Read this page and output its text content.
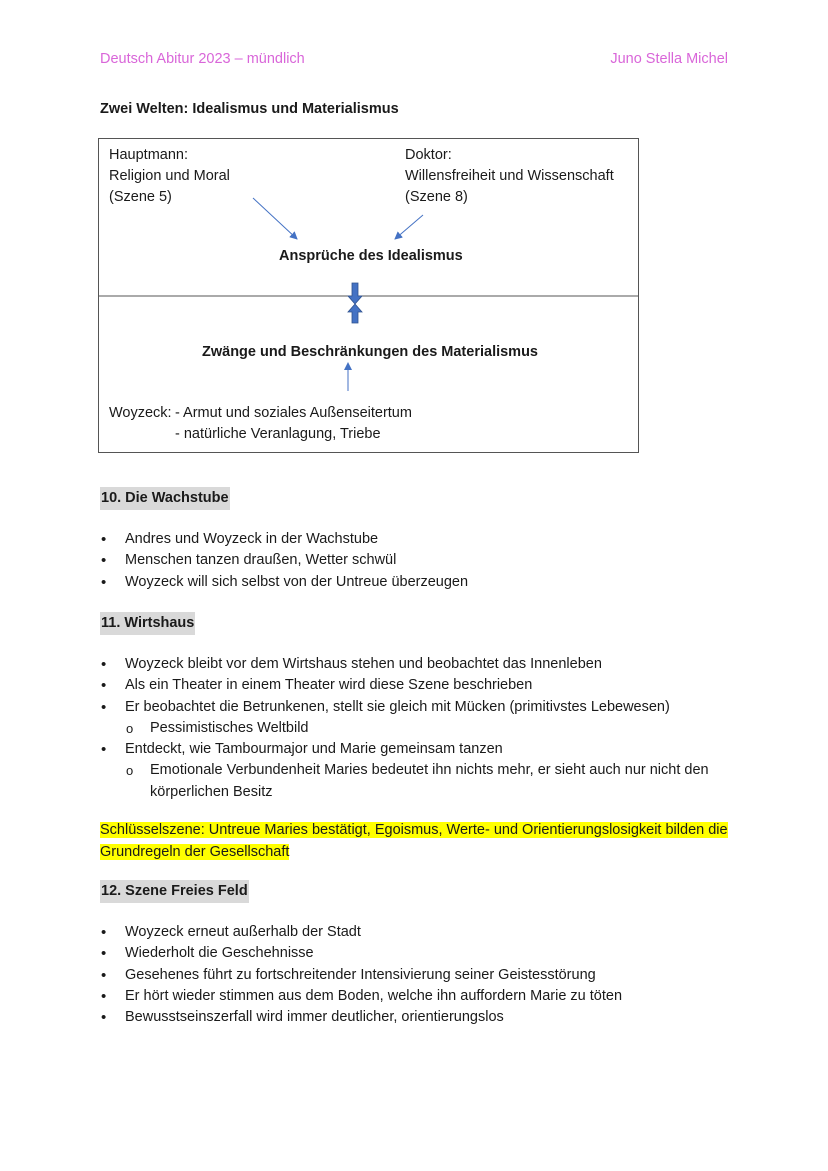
Deutsch Abitur 2023 – mündlich	Juno Stella Michel
Zwei Welten: Idealismus und Materialismus
Hauptmann:
Religion und Moral
(Szene 5)
Doktor:
Willensfreiheit und Wissenschaft
(Szene 8)
Ansprüche des Idealismus
Zwänge und Beschränkungen des Materialismus
Woyzeck: - Armut und soziales Außenseitertum
- natürliche Veranlagung, Triebe
10. Die Wachstube
• Andres und Woyzeck in der Wachstube
• Menschen tanzen draußen, Wetter schwül
• Woyzeck will sich selbst von der Untreue überzeugen
11. Wirtshaus
• Woyzeck bleibt vor dem Wirtshaus stehen und beobachtet das Innenleben
• Als ein Theater in einem Theater wird diese Szene beschrieben
• Er beobachtet die Betrunkenen, stellt sie gleich mit Mücken (primitivstes Lebewesen)
o Pessimistisches Weltbild
• Entdeckt, wie Tambourmajor und Marie gemeinsam tanzen
o Emotionale Verbundenheit Maries bedeutet ihn nichts mehr, er sieht auch nur nicht den körperlichen Besitz
Schlüsselszene: Untreue Maries bestätigt, Egoismus, Werte- und Orientierungslosigkeit bilden die Grundregeln der Gesellschaft
12. Szene Freies Feld
• Woyzeck erneut außerhalb der Stadt
• Wiederholt die Geschehnisse
• Gesehenes führt zu fortschreitender Intensivierung seiner Geistesstörung
• Er hört wieder stimmen aus dem Boden, welche ihn auffordern Marie zu töten
• Bewusstseinszerfall wird immer deutlicher, orientierungslos
